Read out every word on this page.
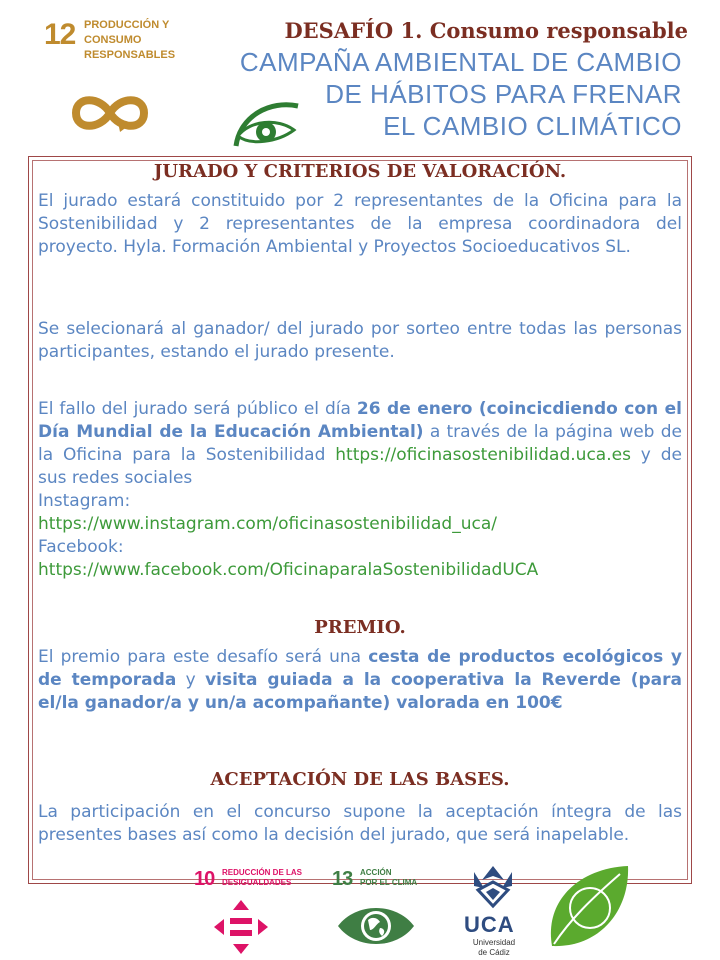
12 PRODUCCIÓN Y CONSUMO RESPONSABLES
DESAFÍO 1. Consumo responsable
CAMPAÑA AMBIENTAL DE CAMBIO
DE HÁBITOS PARA FRENAR
EL CAMBIO CLIMÁTICO
JURADO Y CRITERIOS DE VALORACIÓN.

El jurado estará constituido por 2 representantes de la Oficina para la Sostenibilidad y 2 representantes de la empresa coordinadora del proyecto. Hyla. Formación Ambiental y Proyectos Socioeducativos SL.

Se selecionará al ganador/ del jurado por sorteo entre todas las personas participantes, estando el jurado presente.

El fallo del jurado será público el día 26 de enero (coincicdiendo con el Día Mundial de la Educación Ambiental) a través de la página web de la Oficina para la Sostenibilidad https://oficinasostenibilidad.uca.es y de sus redes sociales
Instagram:
https://www.instagram.com/oficinasostenibilidad_uca/
Facebook:
https://www.facebook.com/OficinaparalaSostenibilidadUCA

PREMIO.

El premio para este desafío será una cesta de productos ecológicos y de temporada y visita guiada a la cooperativa la Reverde (para el/la ganador/a y un/a acompañante) valorada en 100€

ACEPTACIÓN DE LAS BASES.

La participación en el concurso supone la aceptación íntegra de las presentes bases así como la decisión del jurado, que será inapelable.

10 REDUCCIÓN DE LAS
DESIGUALDADES	13 ACCIÓN
POR EL CLIMA
UCA
Universidad
de Cádiz
